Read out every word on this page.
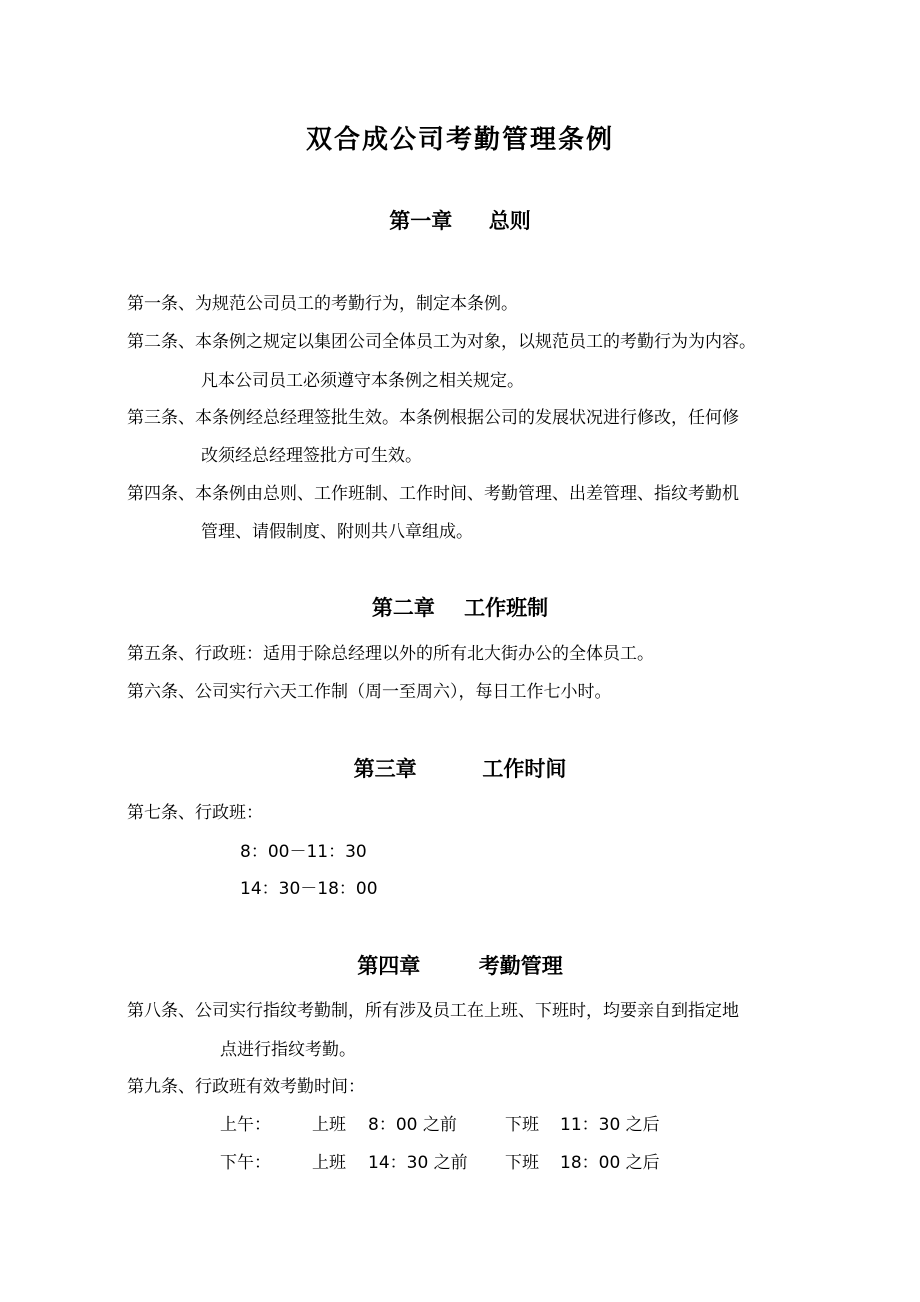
双合成公司考勤管理条例
第一章     总则

第一条、为规范公司员工的考勤行为，制定本条例。

第二条、本条例之规定以集团公司全体员工为对象，以规范员工的考勤行为为内容。

凡本公司员工必须遵守本条例之相关规定。

第三条、本条例经总经理签批生效。本条例根据公司的发展状况进行修改，任何修

改须经总经理签批方可生效。

第四条、本条例由总则、工作班制、工作时间、考勤管理、出差管理、指纹考勤机

管理、请假制度、附则共八章组成。

第二章    工作班制

第五条、行政班：适用于除总经理以外的所有北大街办公的全体员工。

第六条、公司实行六天工作制（周一至周六），每日工作七小时。

第三章         工作时间

第七条、行政班：

8：00－11：30

14：30－18：00

第四章        考勤管理

第八条、公司实行指纹考勤制，所有涉及员工在上班、下班时，均要亲自到指定地

点进行指纹考勤。

第九条、行政班有效考勤时间：

上午： 上班 8：00 之前	下班 11：30 之后
下午： 上班 14：30 之前 下班 18：00 之后
